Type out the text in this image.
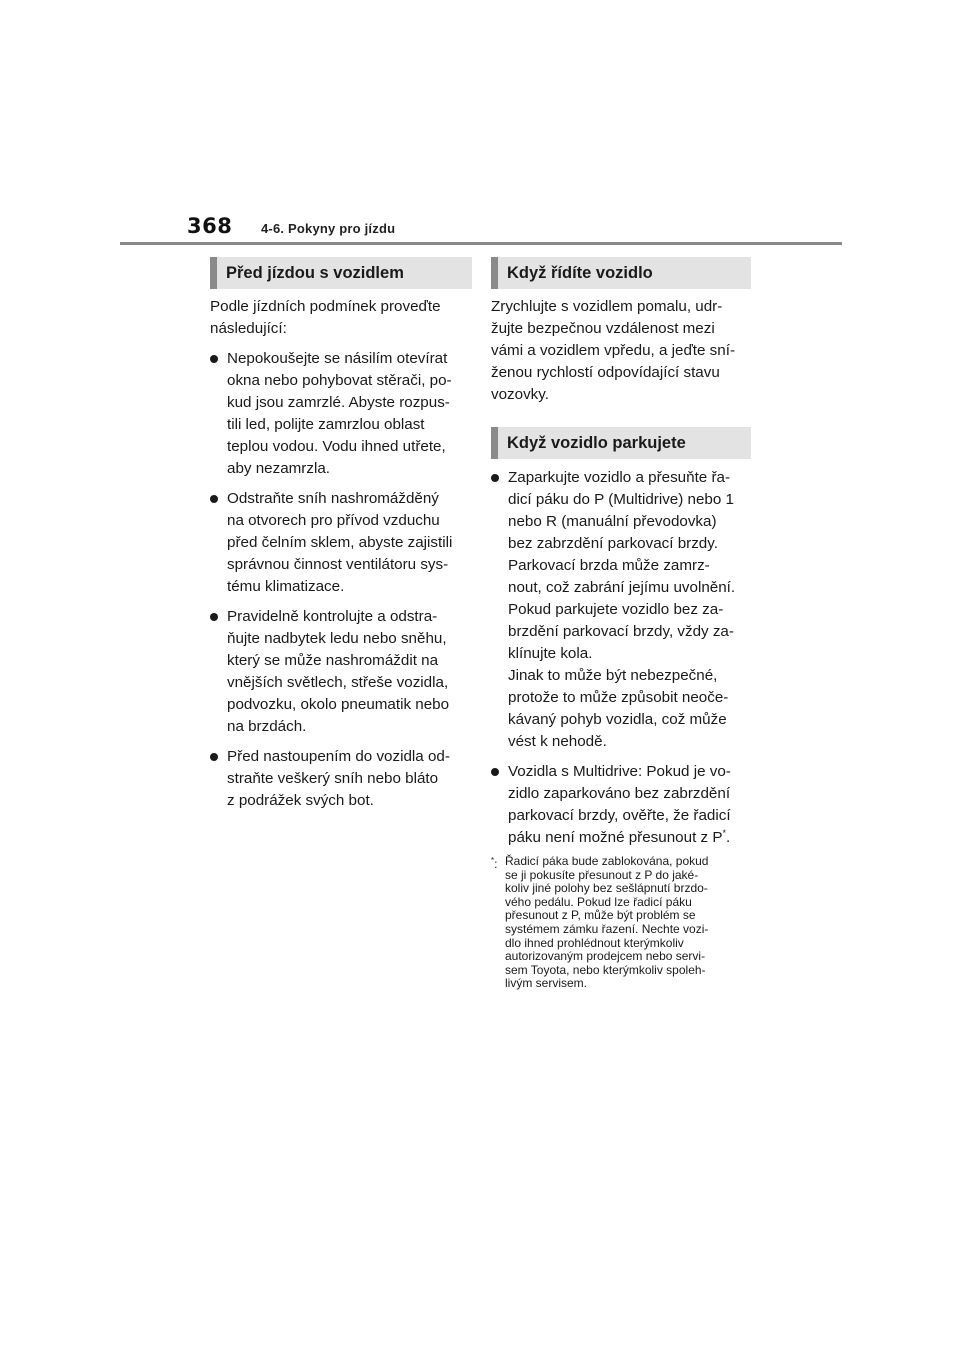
368 4-6. Pokyny pro jízdu
Před jízdou s vozidlem

Podle jízdních podmínek proveďte
následující:

Nepokoušejte se násilím otevírat
okna nebo pohybovat stěrači, po-
kud jsou zamrzlé. Abyste rozpus-
tili led, polijte zamrzlou oblast
teplou vodou. Vodu ihned utřete,
aby nezamrzla.
Odstraňte sníh nashromážděný
na otvorech pro přívod vzduchu
před čelním sklem, abyste zajistili
správnou činnost ventilátoru sys-
tému klimatizace.
Pravidelně kontrolujte a odstra-
ňujte nadbytek ledu nebo sněhu,
který se může nashromáždit na
vnějších světlech, střeše vozidla,
podvozku, okolo pneumatik nebo
na brzdách.
Před nastoupením do vozidla od-
straňte veškerý sníh nebo bláto
z podrážek svých bot.
Když řídíte vozidlo

Zrychlujte s vozidlem pomalu, udr-
žujte bezpečnou vzdálenost mezi
vámi a vozidlem vpředu, a jeďte sní-
ženou rychlostí odpovídající stavu
vozovky.

Když vozidlo parkujete
Zaparkujte vozidlo a přesuňte řa-
dicí páku do P (Multidrive) nebo 1
nebo R (manuální převodovka)
bez zabrzdění parkovací brzdy.
Parkovací brzda může zamrz-
nout, což zabrání jejímu uvolnění.
Pokud parkujete vozidlo bez za-
brzdění parkovací brzdy, vždy za-
klínujte kola.
Jinak to může být nebezpečné,
protože to může způsobit neoče-
kávaný pohyb vozidla, což může
vést k nehodě.
Vozidla s Multidrive: Pokud je vo-
zidlo zaparkováno bez zabrzdění
parkovací brzdy, ověřte, že řadicí
páku není možné přesunout z P*.
*: Řadicí páka bude zablokována, pokud
se ji pokusíte přesunout z P do jaké-
koliv jiné polohy bez sešlápnutí brzdo-
vého pedálu. Pokud lze řadicí páku
přesunout z P, může být problém se
systémem zámku řazení. Nechte vozi-
dlo ihned prohlédnout kterýmkoliv
autorizovaným prodejcem nebo servi-
sem Toyota, nebo kterýmkoliv spoleh-
livým servisem.
